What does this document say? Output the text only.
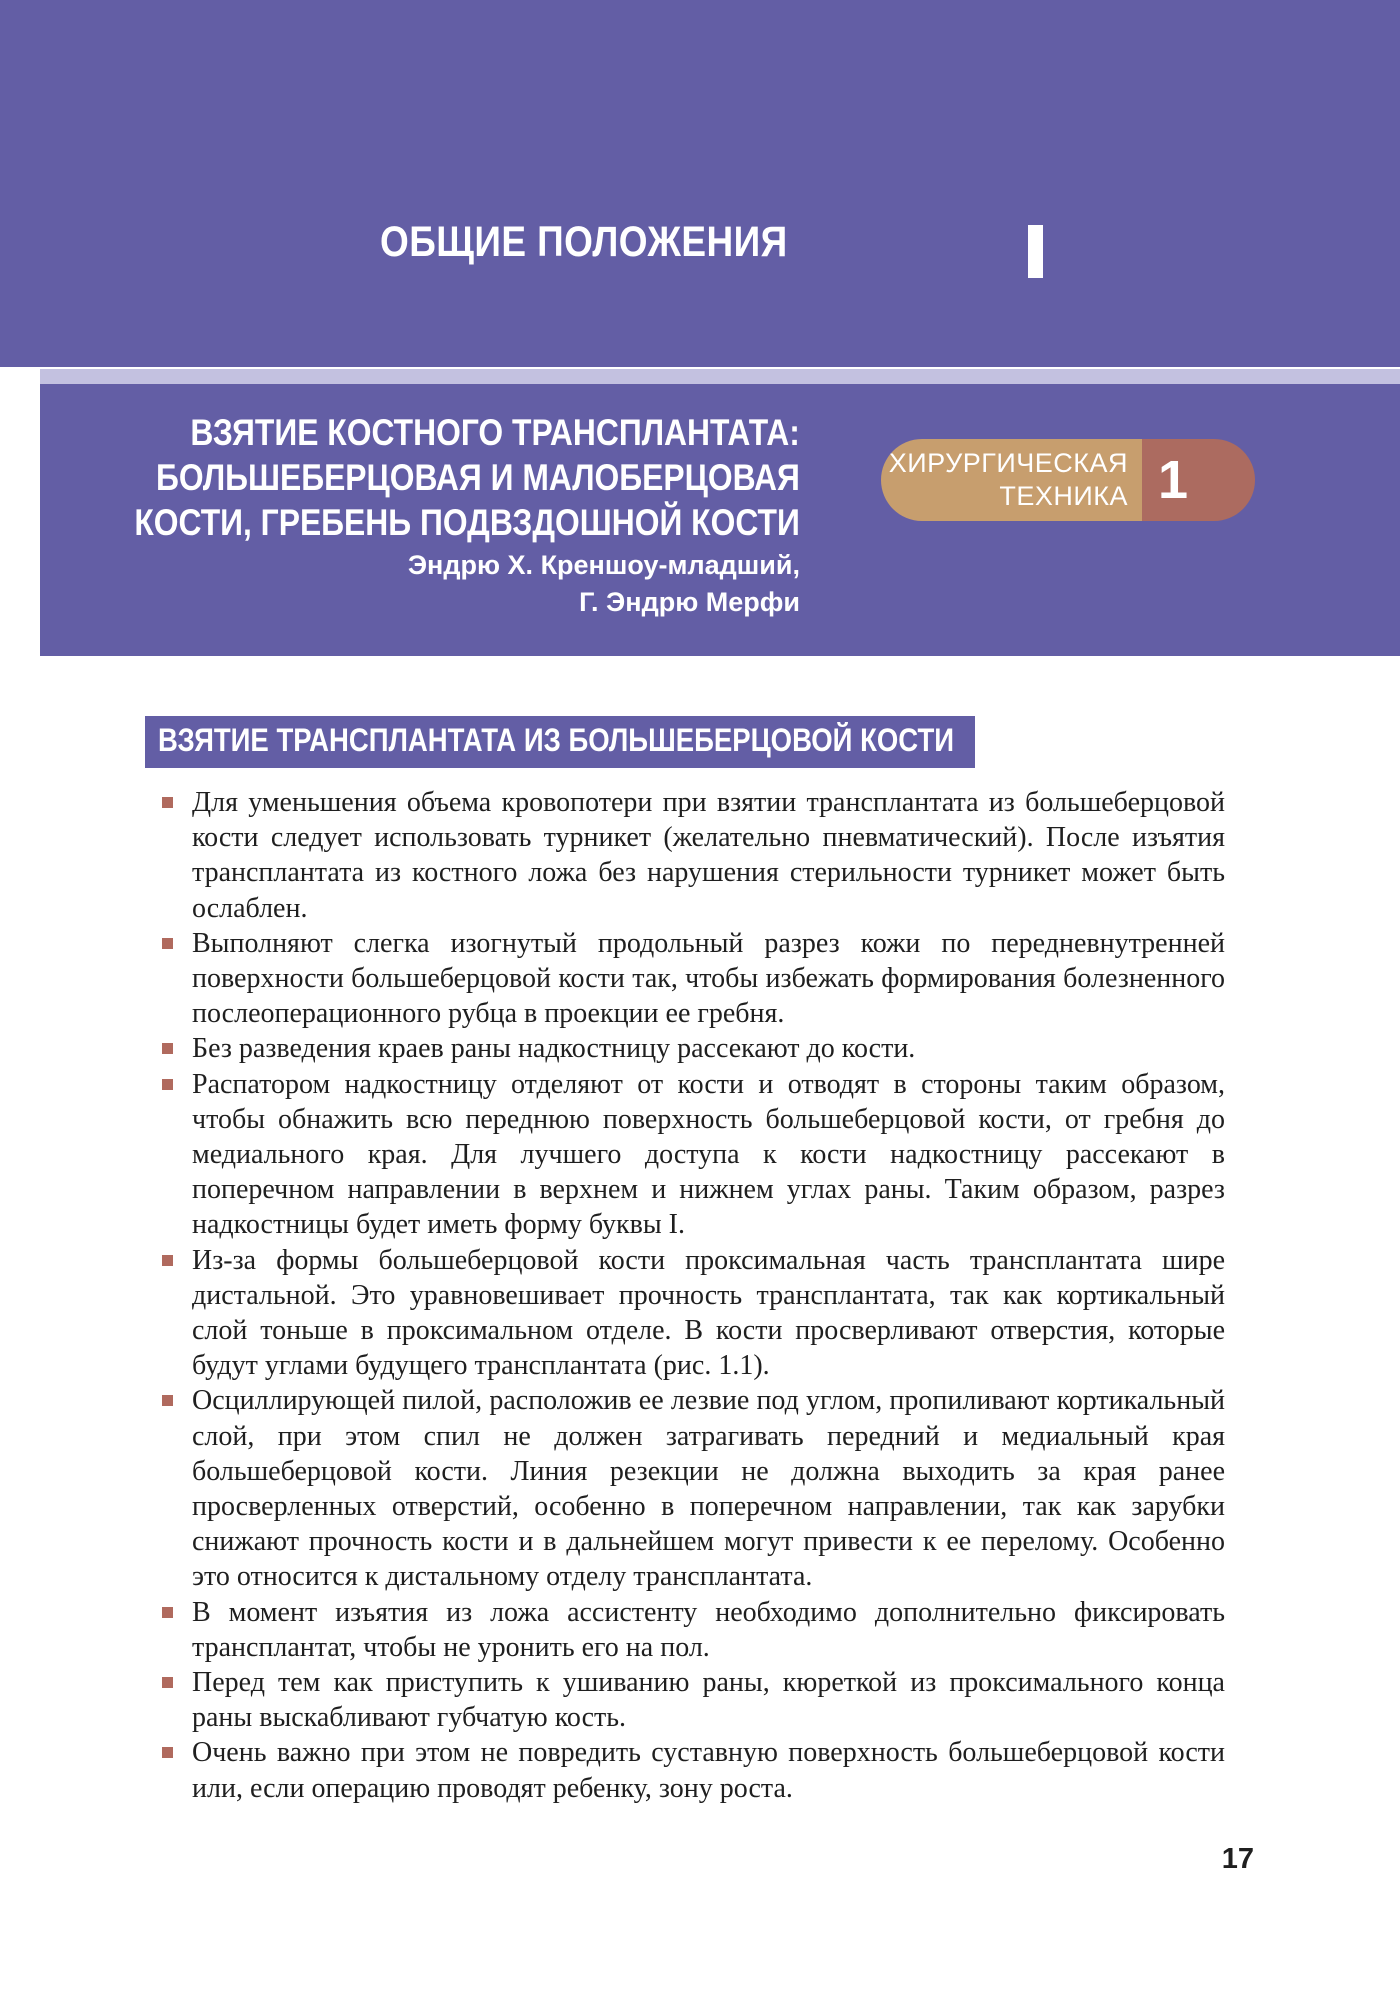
ОБЩИЕ ПОЛОЖЕНИЯ
ВЗЯТИЕ КОСТНОГО ТРАНСПЛАНТАТА:
БОЛЬШЕБЕРЦОВАЯ И МАЛОБЕРЦОВАЯ
КОСТИ, ГРЕБЕНЬ ПОДВЗДОШНОЙ КОСТИ
Эндрю Х. Креншоу-младший,
Г. Эндрю Мерфи
ХИРУРГИЧЕСКАЯ
ТЕХНИКА 1
ВЗЯТИЕ ТРАНСПЛАНТАТА ИЗ БОЛЬШЕБЕРЦОВОЙ КОСТИ
Для уменьшения объема кровопотери при взятии трансплантата из большеберцовой кости следует использовать турникет (желательно пневматический). После изъятия трансплантата из костного ложа без нарушения стерильности турникет может быть ослаблен.
Выполняют слегка изогнутый продольный разрез кожи по передневнутренней поверхности большеберцовой кости так, чтобы избежать формирования болезненного послеоперационного рубца в проекции ее гребня.
Без разведения краев раны надкостницу рассекают до кости.
Распатором надкостницу отделяют от кости и отводят в стороны таким образом, чтобы обнажить всю переднюю поверхность большеберцовой кости, от гребня до медиального края. Для лучшего доступа к кости надкостницу рассекают в поперечном направлении в верхнем и нижнем углах раны. Таким образом, разрез надкостницы будет иметь форму буквы I.
Из-за формы большеберцовой кости проксимальная часть трансплантата шире дистальной. Это уравновешивает прочность трансплантата, так как кортикальный слой тоньше в проксимальном отделе. В кости просверливают отверстия, которые будут углами будущего трансплантата (рис. 1.1).
Осциллирующей пилой, расположив ее лезвие под углом, пропиливают кортикальный слой, при этом спил не должен затрагивать передний и медиальный края большеберцовой кости. Линия резекции не должна выходить за края ранее просверленных отверстий, особенно в поперечном направлении, так как зарубки снижают прочность кости и в дальнейшем могут привести к ее перелому. Особенно это относится к дистальному отделу трансплантата.
В момент изъятия из ложа ассистенту необходимо дополнительно фиксировать трансплантат, чтобы не уронить его на пол.
Перед тем как приступить к ушиванию раны, кюреткой из проксимального конца раны выскабливают губчатую кость.
Очень важно при этом не повредить суставную поверхность большеберцовой кости или, если операцию проводят ребенку, зону роста.
17
